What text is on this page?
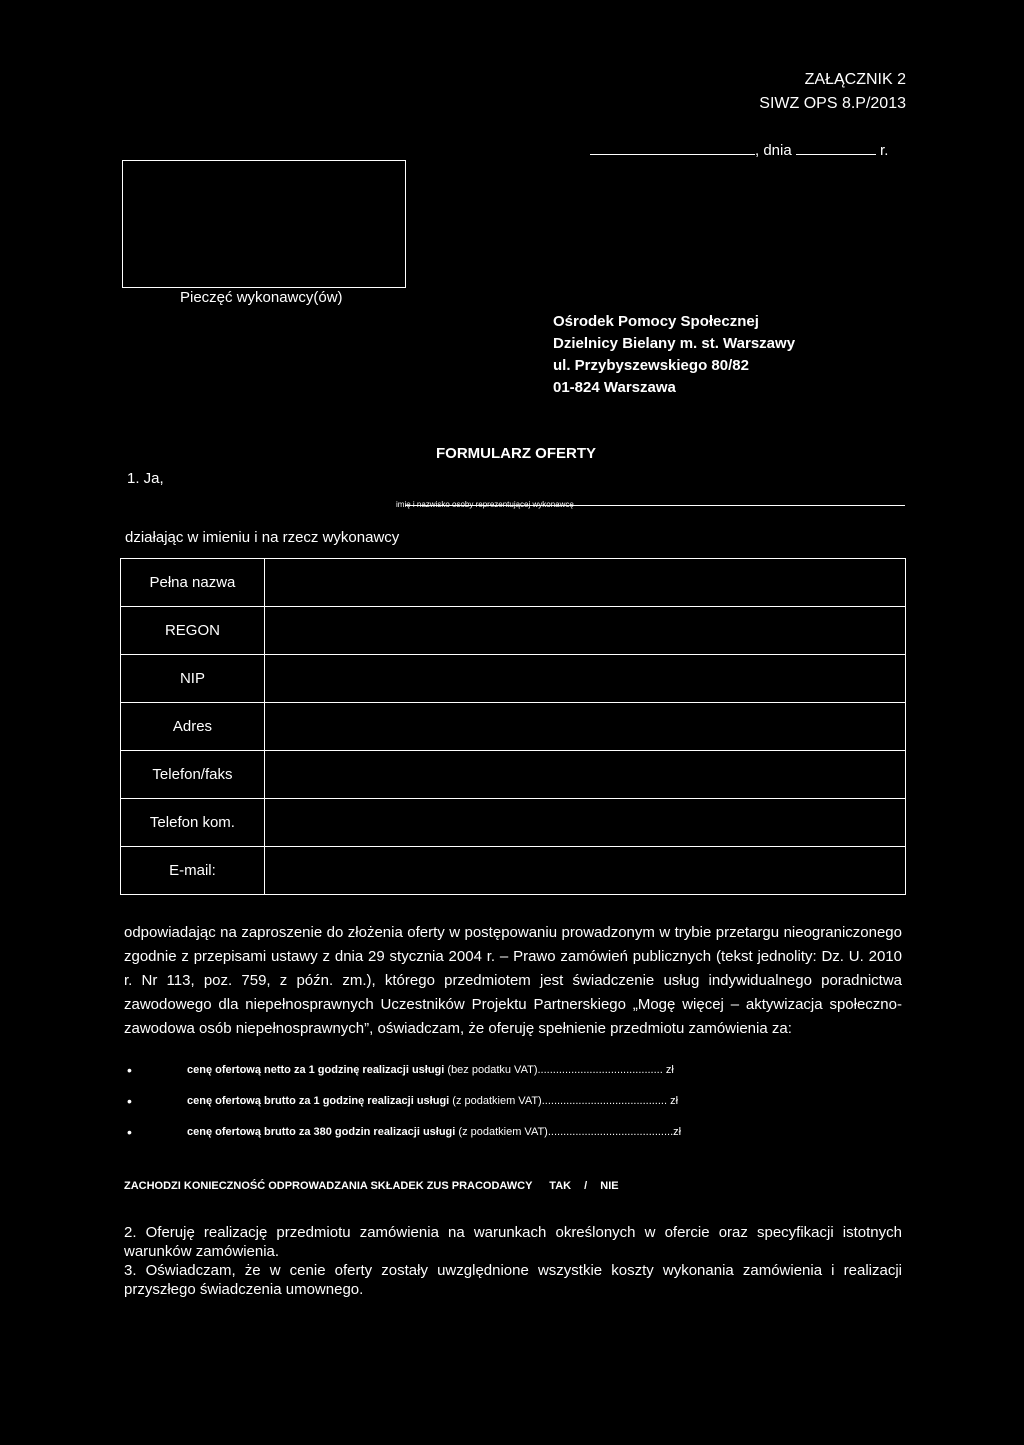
ZAŁĄCZNIK 2
SIWZ OPS 8.P/2013
, dnia	r.
Pieczęć wykonawcy(ów)
Ośrodek Pomocy Społecznej
Dzielnicy Bielany m. st. Warszawy
ul. Przybyszewskiego 80/82
01-824 Warszawa
FORMULARZ OFERTY
1. Ja,
imię i nazwisko osoby reprezentującej wykonawcę
działając w imieniu i na rzecz wykonawcy
Pełna nazwa	
REGON	
NIP	
Adres	
Telefon/faks	
Telefon kom.	
E-mail:	
odpowiadając na zaproszenie do złożenia oferty w postępowaniu prowadzonym w trybie przetargu nieograniczonego zgodnie z przepisami ustawy z dnia 29 stycznia 2004 r. – Prawo zamówień publicznych (tekst jednolity: Dz. U. 2010 r. Nr 113, poz. 759, z późn. zm.), którego przedmiotem jest świadczenie usług indywidualnego poradnictwa zawodowego dla niepełnosprawnych Uczestników Projektu Partnerskiego „Mogę więcej – aktywizacja społeczno-zawodowa osób niepełnosprawnych”, oświadczam, że oferuję spełnienie przedmiotu zamówienia za:
•	cenę ofertową netto za 1 godzinę realizacji usługi (bez podatku VAT)......................................... zł
•	cenę ofertową brutto za 1 godzinę realizacji usługi (z podatkiem VAT)......................................... zł
•	cenę ofertową brutto za 380 godzin realizacji usługi (z podatkiem VAT).........................................zł
ZACHODZI KONIECZNOŚĆ ODPROWADZANIA SKŁADEK ZUS PRACODAWCY TAK / NIE

2. Oferuję realizację przedmiotu zamówienia na warunkach określonych w ofercie oraz specyfikacji istotnych warunków zamówienia.

3. Oświadczam, że w cenie oferty zostały uwzględnione wszystkie koszty wykonania zamówienia i realizacji przyszłego świadczenia umownego.
